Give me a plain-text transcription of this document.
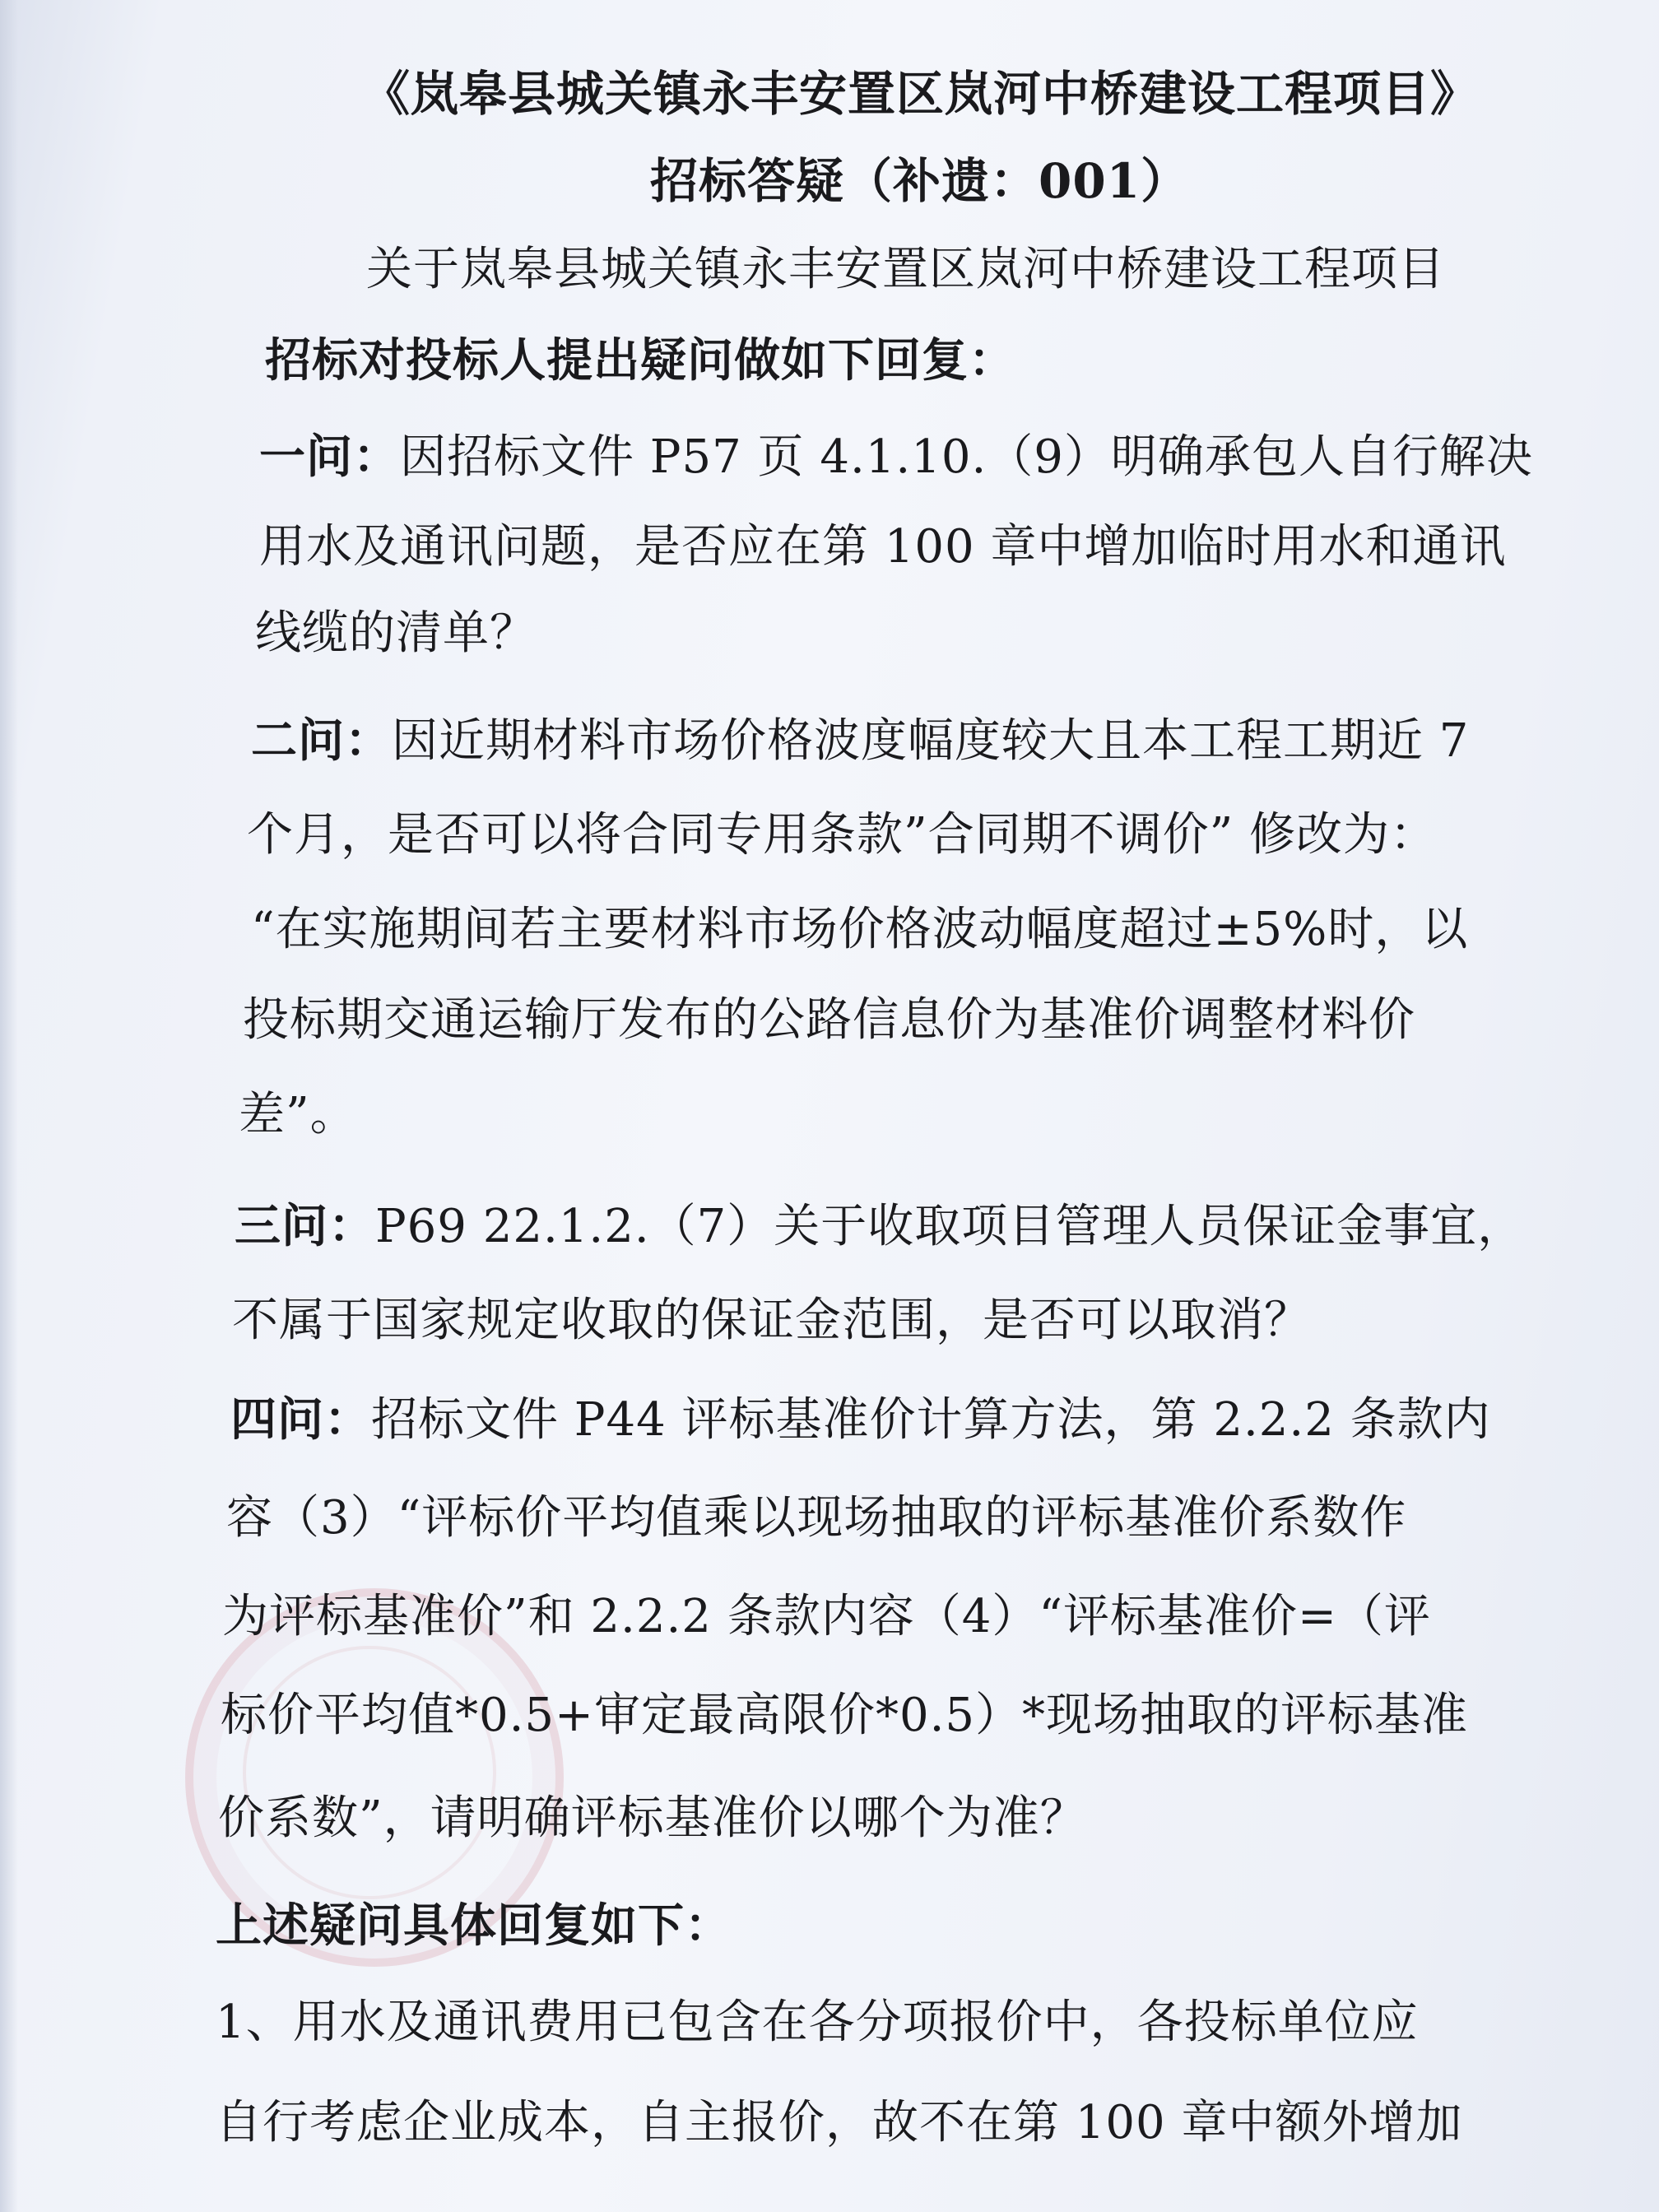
《岚皋县城关镇永丰安置区岚河中桥建设工程项目》
招标答疑（补遗：001）
关于岚皋县城关镇永丰安置区岚河中桥建设工程项目
招标对投标人提出疑问做如下回复：
一问：因招标文件 P57 页 4.1.10.（9）明确承包人自行解决
用水及通讯问题，是否应在第 100 章中增加临时用水和通讯
线缆的清单？
二问：因近期材料市场价格波度幅度较大且本工程工期近 7
个月，是否可以将合同专用条款”合同期不调价” 修改为：
“在实施期间若主要材料市场价格波动幅度超过±5%时，以
投标期交通运输厅发布的公路信息价为基准价调整材料价
差”。
三问：P69 22.1.2.（7）关于收取项目管理人员保证金事宜，
不属于国家规定收取的保证金范围，是否可以取消？
四问：招标文件 P44 评标基准价计算方法，第 2.2.2 条款内
容（3）“评标价平均值乘以现场抽取的评标基准价系数作
为评标基准价”和 2.2.2 条款内容（4）“评标基准价=（评
标价平均值*0.5+审定最高限价*0.5）*现场抽取的评标基准
价系数”，请明确评标基准价以哪个为准？
上述疑问具体回复如下：
1、用水及通讯费用已包含在各分项报价中，各投标单位应
自行考虑企业成本，自主报价，故不在第 100 章中额外增加
